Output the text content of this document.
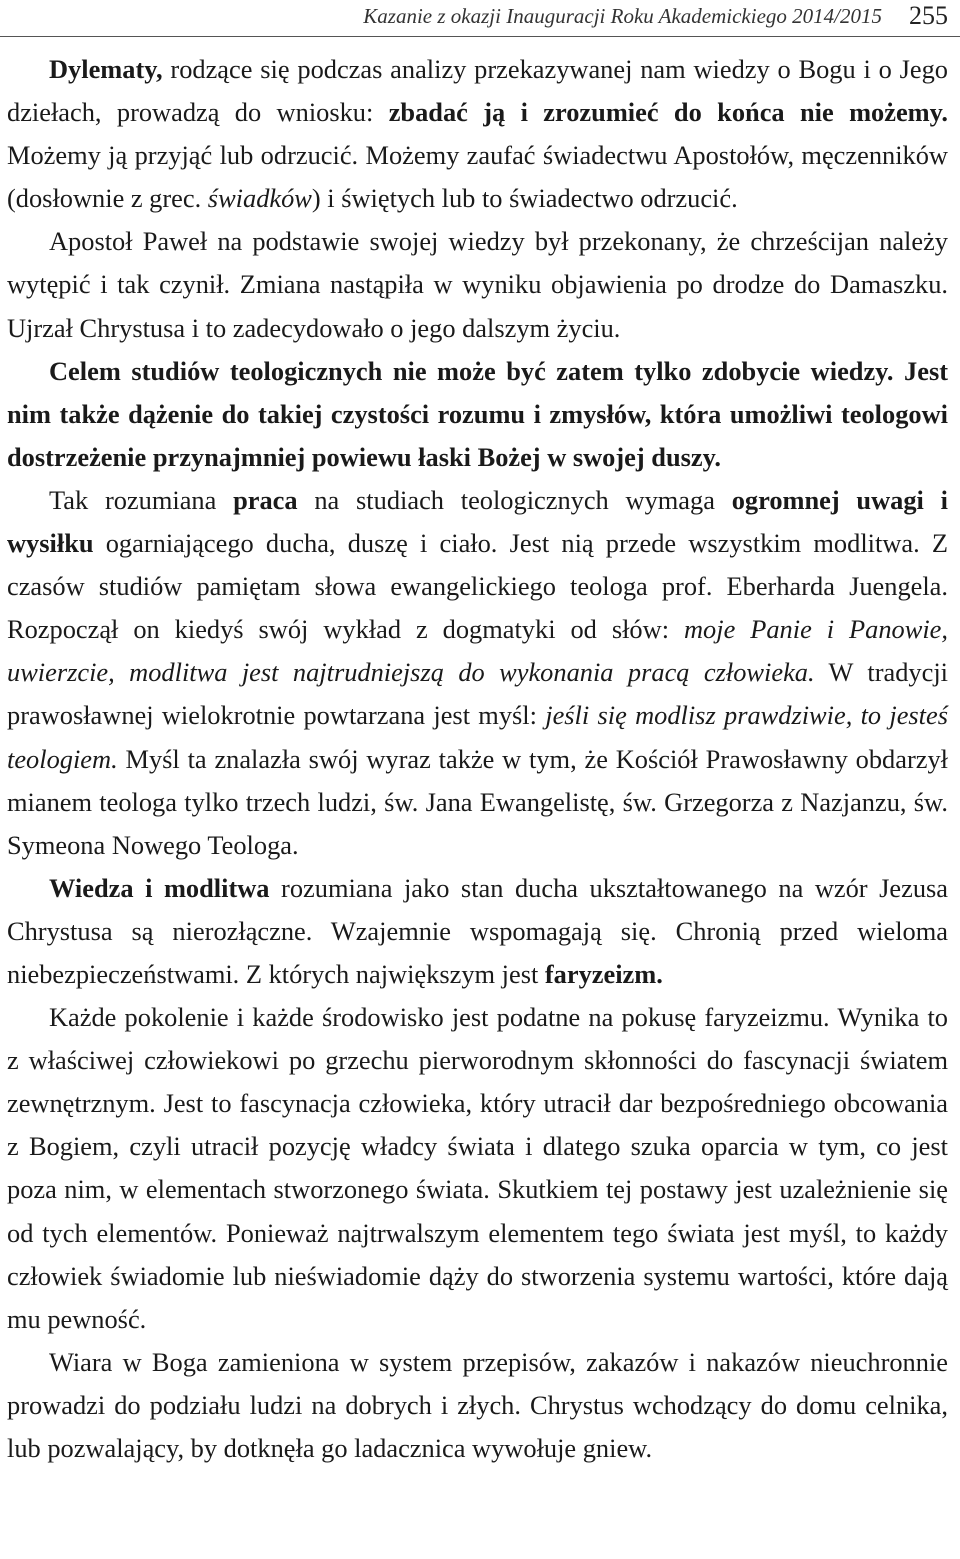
Kazanie z okazji Inauguracji Roku Akademickiego 2014/2015 255

Dylematy, rodzące się podczas analizy przekazywanej nam wiedzy o Bogu i o Jego dziełach, prowadzą do wniosku: zbadać ją i zrozumieć do końca nie możemy. Możemy ją przyjąć lub odrzucić. Możemy zaufać świadectwu Apostołów, męczenników (dosłownie z grec. świadków) i świętych lub to świadectwo odrzucić.

Apostoł Paweł na podstawie swojej wiedzy był przekonany, że chrześcijan należy wytępić i tak czynił. Zmiana nastąpiła w wyniku objawienia po drodze do Damaszku. Ujrzał Chrystusa i to zadecydowało o jego dalszym życiu.

Celem studiów teologicznych nie może być zatem tylko zdobycie wiedzy. Jest nim także dążenie do takiej czystości rozumu i zmysłów, która umożliwi teologowi dostrzeżenie przynajmniej powiewu łaski Bożej w swojej duszy.

Tak rozumiana praca na studiach teologicznych wymaga ogromnej uwagi i wysiłku ogarniającego ducha, duszę i ciało. Jest nią przede wszystkim modlitwa. Z czasów studiów pamiętam słowa ewangelickiego teologa prof. Eberharda Juengela. Rozpoczął on kiedyś swój wykład z dogmatyki od słów: moje Panie i Panowie, uwierzcie, modlitwa jest najtrudniejszą do wykonania pracą człowieka. W tradycji prawosławnej wielokrotnie powtarzana jest myśl: jeśli się modlisz prawdziwie, to jesteś teologiem. Myśl ta znalazła swój wyraz także w tym, że Kościół Prawosławny obdarzył mianem teologa tylko trzech ludzi, św. Jana Ewangelistę, św. Grzegorza z Nazjanzu, św. Symeona Nowego Teologa.

Wiedza i modlitwa rozumiana jako stan ducha ukształtowanego na wzór Jezusa Chrystusa są nierozłączne. Wzajemnie wspomagają się. Chronią przed wieloma niebezpieczeństwami. Z których największym jest faryzeizm.

Każde pokolenie i każde środowisko jest podatne na pokusę faryzeizmu. Wynika to z właściwej człowiekowi po grzechu pierworodnym skłonności do fascynacji światem zewnętrznym. Jest to fascynacja człowieka, który utracił dar bezpośredniego obcowania z Bogiem, czyli utracił pozycję władcy świata i dlatego szuka oparcia w tym, co jest poza nim, w elementach stworzonego świata. Skutkiem tej postawy jest uzależnienie się od tych elementów. Ponieważ najtrwalszym elementem tego świata jest myśl, to każdy człowiek świadomie lub nieświadomie dąży do stworzenia systemu wartości, które dają mu pewność.

Wiara w Boga zamieniona w system przepisów, zakazów i nakazów nieuchronnie prowadzi do podziału ludzi na dobrych i złych. Chrystus wchodzący do domu celnika, lub pozwalający, by dotknęła go ladacznica wywołuje gniew.
